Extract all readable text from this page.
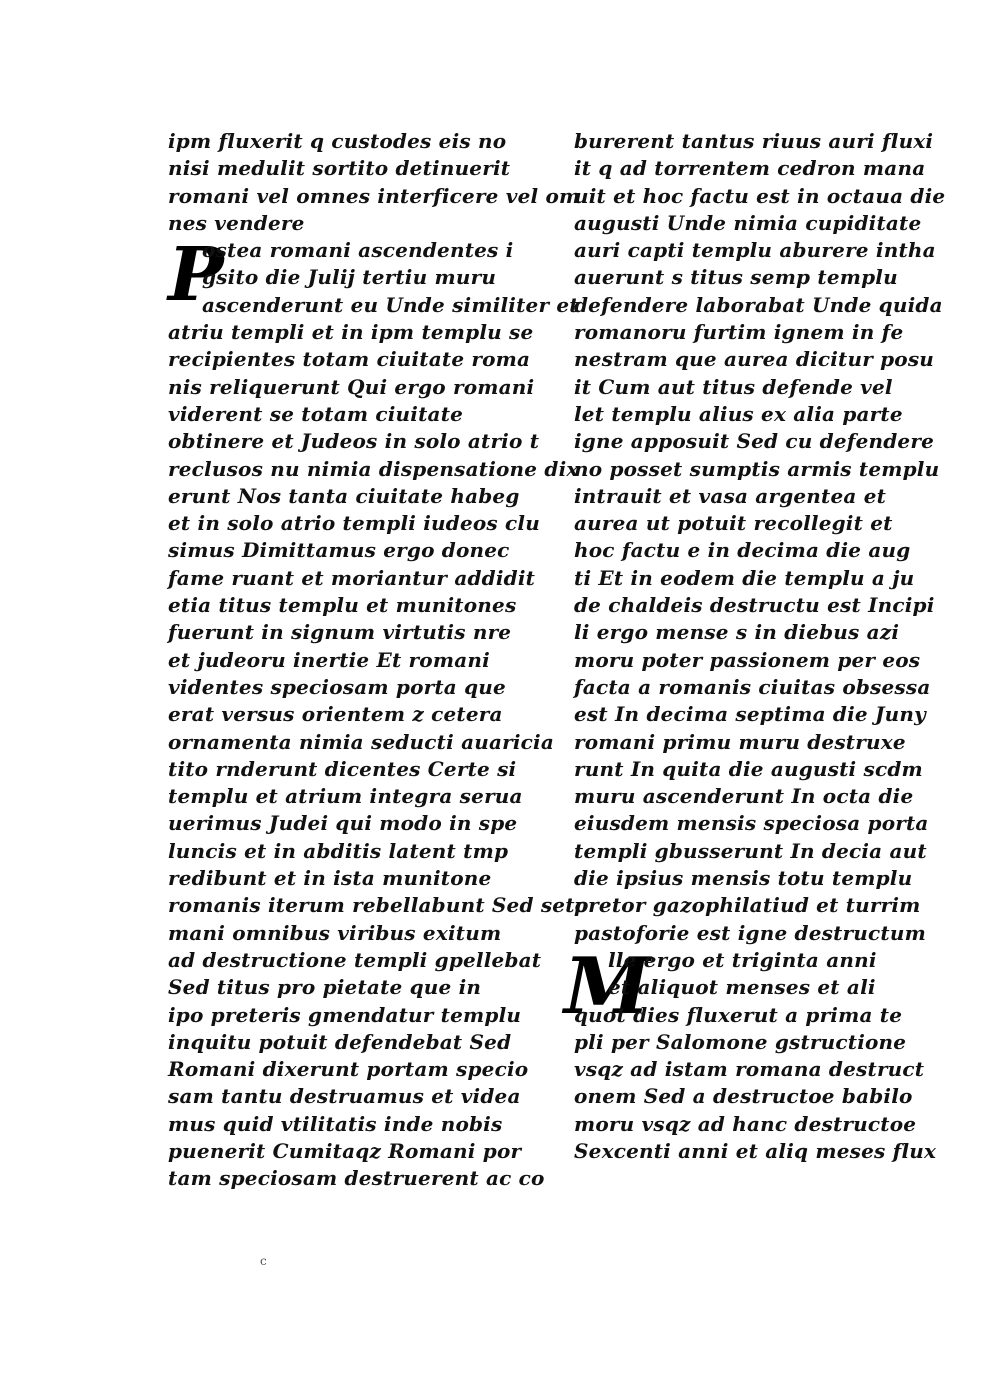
P
ipm fluxerit q custodes eis no
nisi medulit sortito detinuerit
romani vel omnes interficere vel om
nes vendere
ostea romani ascendentes i
gsito die Julij tertiu muru
ascenderunt eu Unde similiter et
atriu templi et in ipm templu se
recipientes totam ciuitate roma
nis reliquerunt Qui ergo romani
viderent se totam ciuitate
obtinere et Judeos in solo atrio t
reclusos nu nimia dispensatione dix
erunt Nos tanta ciuitate habeg
et in solo atrio templi iudeos clu
simus Dimittamus ergo donec
fame ruant et moriantur addidit
etia titus templu et munitones
fuerunt in signum virtutis nre
et judeoru inertie Et romani
videntes speciosam porta que
erat versus orientem z cetera
ornamenta nimia seducti auaricia
tito rnderunt dicentes Certe si
templu et atrium integra serua
uerimus Judei qui modo in spe
luncis et in abditis latent tmp
redibunt et in ista munitone
romanis iterum rebellabunt Sed seto
mani omnibus viribus exitum
ad destructione templi gpellebat
Sed titus pro pietate que in
ipo preteris gmendatur templu
inquitu potuit defendebat Sed
Romani dixerunt portam specio
sam tantu destruamus et videa
mus quid vtilitatis inde nobis
puenerit Cumitaqz Romani por
tam speciosam destruerent ac co
M
burerent tantus riuus auri fluxi
it q ad torrentem cedron mana
uit et hoc factu est in octaua die
augusti Unde nimia cupiditate
auri capti templu aburere intha
auerunt s titus semp templu
defendere laborabat Unde quida
romanoru furtim ignem in fe
nestram que aurea dicitur posu
it Cum aut titus defende vel
let templu alius ex alia parte
igne apposuit Sed cu defendere
no posset sumptis armis templu
intrauit et vasa argentea et
aurea ut potuit recollegit et
hoc factu e in decima die aug
ti Et in eodem die templu a ju
de chaldeis destructu est Incipi
li ergo mense s in diebus azi
moru poter passionem per eos
facta a romanis ciuitas obsessa
est In decima septima die Juny
romani primu muru destruxe
runt In quita die augusti scdm
muru ascenderunt In octa die
eiusdem mensis speciosa porta
templi gbusserunt In decia aut
die ipsius mensis totu templu
pretor gazophilatiud et turrim
pastoforie est igne destructum
lle ergo et triginta anni
et aliquot menses et ali
quot dies fluxerut a prima te
pli per Salomone gstructione
vsqz ad istam romana destruct
onem Sed a destructoe babilo
moru vsqz ad hanc destructoe
Sexcenti anni et aliq meses flux
c
